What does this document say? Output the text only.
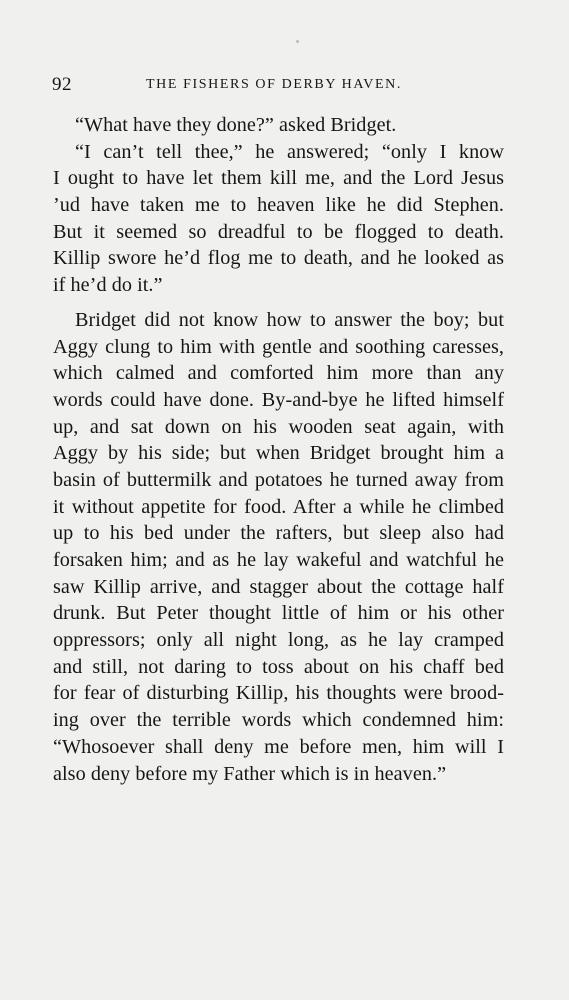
92	THE FISHERS OF DERBY HAVEN.
“What have they done?” asked Bridget.
“I can’t tell thee,” he answered; “only I know
I ought to have let them kill me, and the Lord Jesus
’ud have taken me to heaven like he did Stephen.
But it seemed so dreadful to be flogged to death.
Killip swore he’d flog me to death, and he looked as
if he’d do it.”
Bridget did not know how to answer the boy; but
Aggy clung to him with gentle and soothing caresses,
which calmed and comforted him more than any
words could have done. By-and-bye he lifted himself
up, and sat down on his wooden seat again, with
Aggy by his side; but when Bridget brought him a
basin of buttermilk and potatoes he turned away from
it without appetite for food. After a while he climbed
up to his bed under the rafters, but sleep also had
forsaken him; and as he lay wakeful and watchful he
saw Killip arrive, and stagger about the cottage half
drunk. But Peter thought little of him or his other
oppressors; only all night long, as he lay cramped
and still, not daring to toss about on his chaff bed
for fear of disturbing Killip, his thoughts were brood-
ing over the terrible words which condemned him:
“Whosoever shall deny me before men, him will I
also deny before my Father which is in heaven.”
